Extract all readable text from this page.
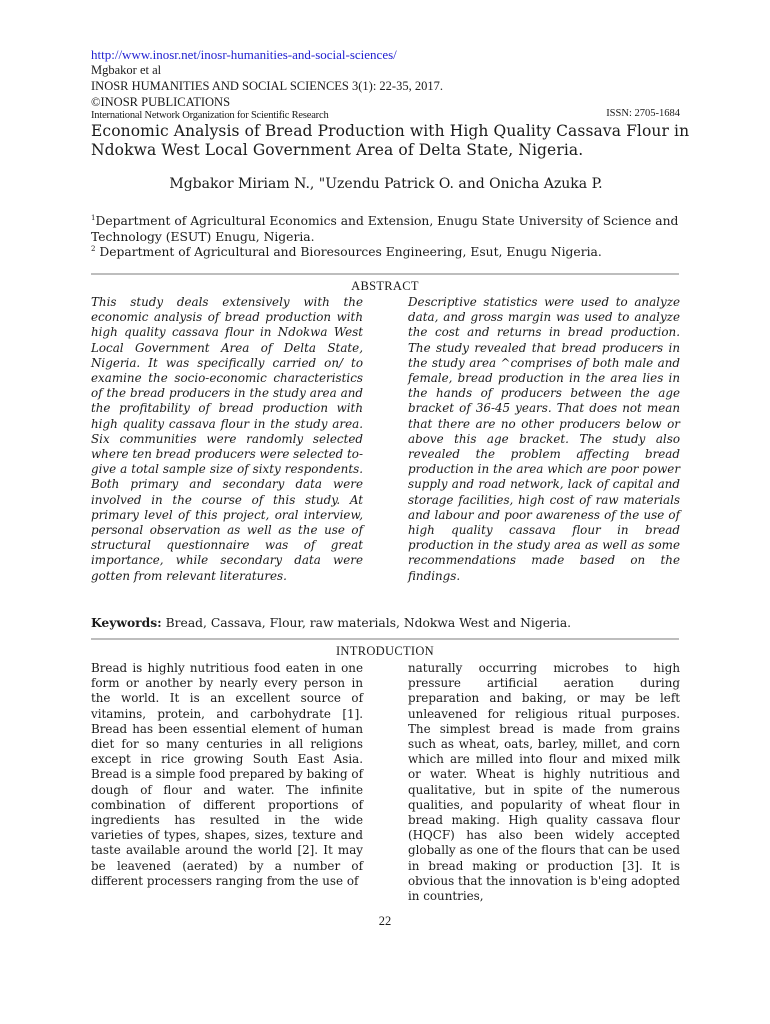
http://www.inosr.net/inosr-humanities-and-social-sciences/
Mgbakor et al
INOSR HUMANITIES AND SOCIAL SCIENCES 3(1): 22-35, 2017.
©INOSR PUBLICATIONS
International Network Organization for Scientific Research	ISSN: 2705-1684
Economic Analysis of Bread Production with High Quality Cassava Flour in Ndokwa West Local Government Area of Delta State, Nigeria.
Mgbakor Miriam N., "Uzendu Patrick O. and Onicha Azuka P.
$^1$Department of Agricultural Economics and Extension, Enugu State University of Science and Technology (ESUT) Enugu, Nigeria.
$^2$ Department of Agricultural and Bioresources Engineering, Esut, Enugu Nigeria.
ABSTRACT
This study deals extensively with the economic analysis of bread production with high quality cassava flour in Ndokwa West Local Government Area of Delta State, Nigeria. It was specifically carried on/ to examine the socio-economic characteristics of the bread producers in the study area and the profitability of bread production with high quality cassava flour in the study area. Six communities were randomly selected where ten bread producers were selected to-give a total sample size of sixty respondents. Both primary and secondary data were involved in the course of this study. At primary level of this project, oral interview, personal observation as well as the use of structural questionnaire was of great importance, while secondary data were gotten from relevant literatures.
Descriptive statistics were used to analyze data, and gross margin was used to analyze the cost and returns in bread production. The study revealed that bread producers in the study area ^comprises of both male and female, bread production in the area lies in the hands of producers between the age bracket of 36-45 years. That does not mean that there are no other producers below or above this age bracket. The study also revealed the problem affecting bread production in the area which are poor power supply and road network, lack of capital and storage facilities, high cost of raw materials and labour and poor awareness of the use of high quality cassava flour in bread production in the study area as well as some recommendations made based on the findings.
Keywords: Bread, Cassava, Flour, raw materials, Ndokwa West and Nigeria.
INTRODUCTION
Bread is highly nutritious food eaten in one form or another by nearly every person in the world. It is an excellent source of vitamins, protein, and carbohydrate [1]. Bread has been essential element of human diet for so many centuries in all religions except in rice growing South East Asia. Bread is a simple food prepared by baking of dough of flour and water. The infinite combination of different proportions of ingredients has resulted in the wide varieties of types, shapes, sizes, texture and taste available around the world [2]. It may be leavened (aerated) by a number of different processers ranging from the use of
naturally occurring microbes to high pressure artificial aeration during preparation and baking, or may be left unleavened for religious ritual purposes. The simplest bread is made from grains such as wheat, oats, barley, millet, and corn which are milled into flour and mixed milk or water. Wheat is highly nutritious and qualitative, but in spite of the numerous qualities, and popularity of wheat flour in bread making. High quality cassava flour (HQCF) has also been widely accepted globally as one of the flours that can be used in bread making or production [3]. It is obvious that the innovation is b'eing adopted in countries,
22
